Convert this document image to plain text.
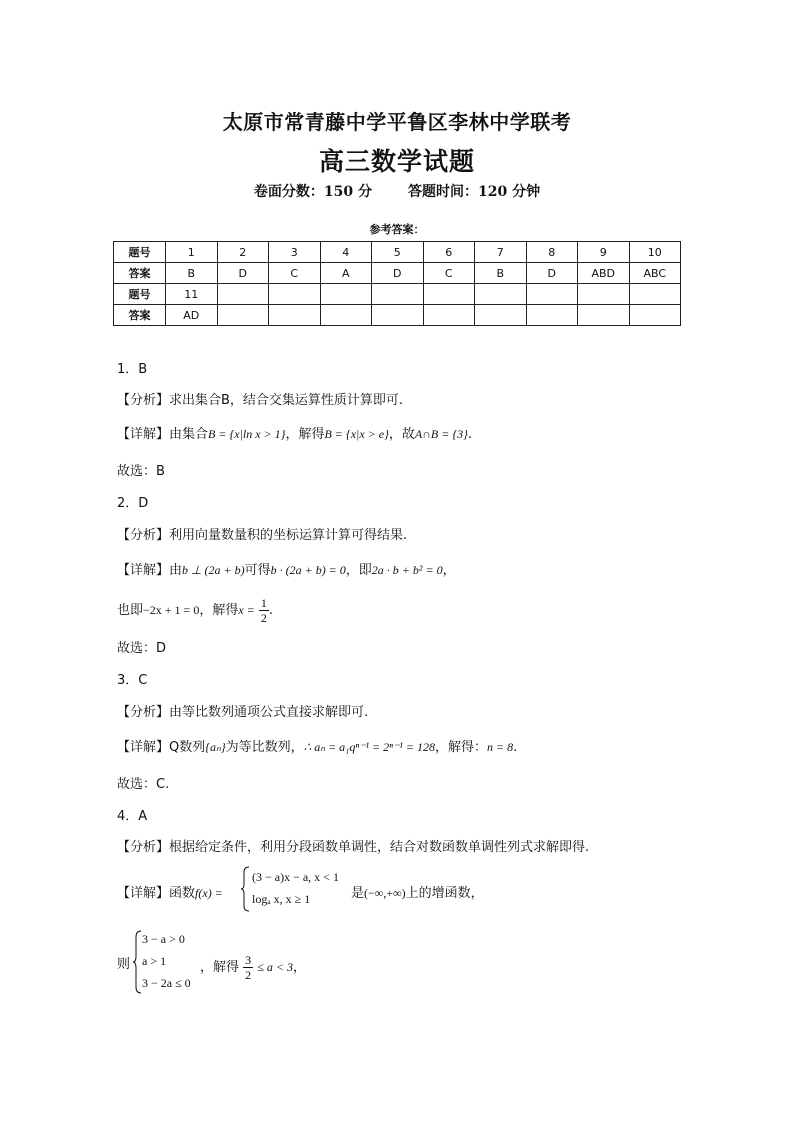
太原市常青藤中学平鲁区李林中学联考
高三数学试题
卷面分数：150 分	答题时间：120 分钟
参考答案：
题号	1	2	3	4	5	6	7	8	9	10
答案	B	D	C	A	D	C	B	D	ABD	ABC
题号	11									
答案	AD									
1．B
【分析】求出集合B，结合交集运算性质计算即可.
【详解】由集合B = {x|ln x > 1}，解得B = {x|x > e}，故A∩B = {3}.
故选：B
2．D
【分析】利用向量数量积的坐标运算计算可得结果.
【详解】由b ⊥ (2a + b)可得b · (2a + b) = 0，即2a · b + b² = 0，
也即−2x + 1 = 0，解得$x = \frac{1}{2}$ .
故选：D
3．C
【分析】由等比数列通项公式直接求解即可.
【详解】Q数列{aₙ}为等比数列，∴ aₙ = a₁qⁿ⁻¹ = 2ⁿ⁻¹ = 128，解得：n = 8.
故选：C.
4．A
【分析】根据给定条件，利用分段函数单调性，结合对数函数单调性列式求解即得.
【详解】函数f(x) =
(3 − a)x − a, x < 1
logₐ x, x ≥ 1	是(−∞,+∞)上的增函数，
则
3 − a > 0
a > 1
3 − 2a ≤ 0
，解得 $\frac{3}{2} \le a < 3$，
